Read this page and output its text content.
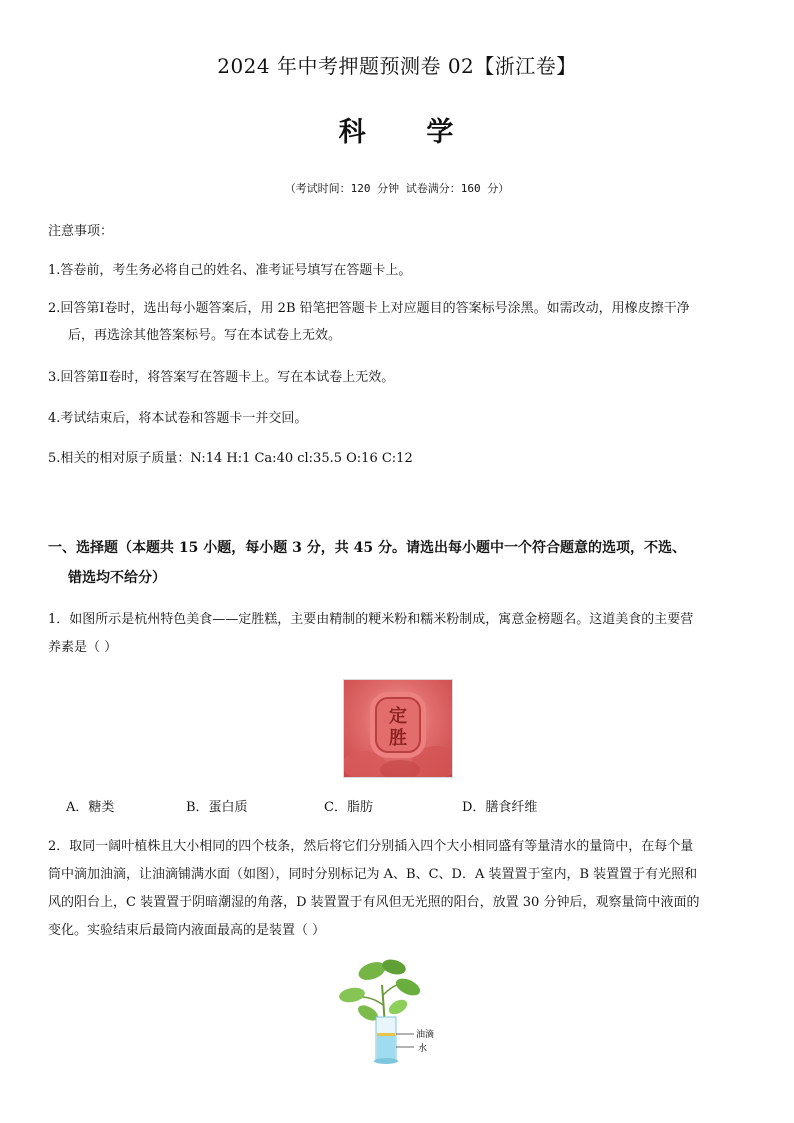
2024 年中考押题预测卷 02【浙江卷】
科 学
（考试时间：120 分钟 试卷满分：160 分）
注意事项：
1.答卷前，考生务必将自己的姓名、准考证号填写在答题卡上。
2.回答第Ⅰ卷时，选出每小题答案后，用 2B 铅笔把答题卡上对应题目的答案标号涂黑。如需改动，用橡皮擦干净
后，再选涂其他答案标号。写在本试卷上无效。
3.回答第Ⅱ卷时，将答案写在答题卡上。写在本试卷上无效。
4.考试结束后，将本试卷和答题卡一并交回。
5.相关的相对原子质量：N:14 H:1 Ca:40 cl:35.5 O:16 C:12
一、选择题（本题共 15 小题，每小题 3 分，共 45 分。请选出每小题中一个符合题意的选项，不选、
错选均不给分）
1．如图所示是杭州特色美食——定胜糕，主要由精制的粳米粉和糯米粉制成，寓意金榜题名。这道美食的主要营
养素是（ ）
定
胜
A．糖类	B．蛋白质	C．脂肪	D．膳食纤维
2．取同一阔叶植株且大小相同的四个枝条，然后将它们分别插入四个大小相同盛有等量清水的量筒中，在每个量
筒中滴加油滴，让油滴铺满水面（如图），同时分别标记为 A、B、C、D．A 装置置于室内，B 装置置于有光照和
风的阳台上，C 装置置于阴暗潮湿的角落，D 装置置于有风但无光照的阳台，放置 30 分钟后，观察量筒中液面的
变化。实验结束后最筒内液面最高的是装置（ ）
油滴
水
